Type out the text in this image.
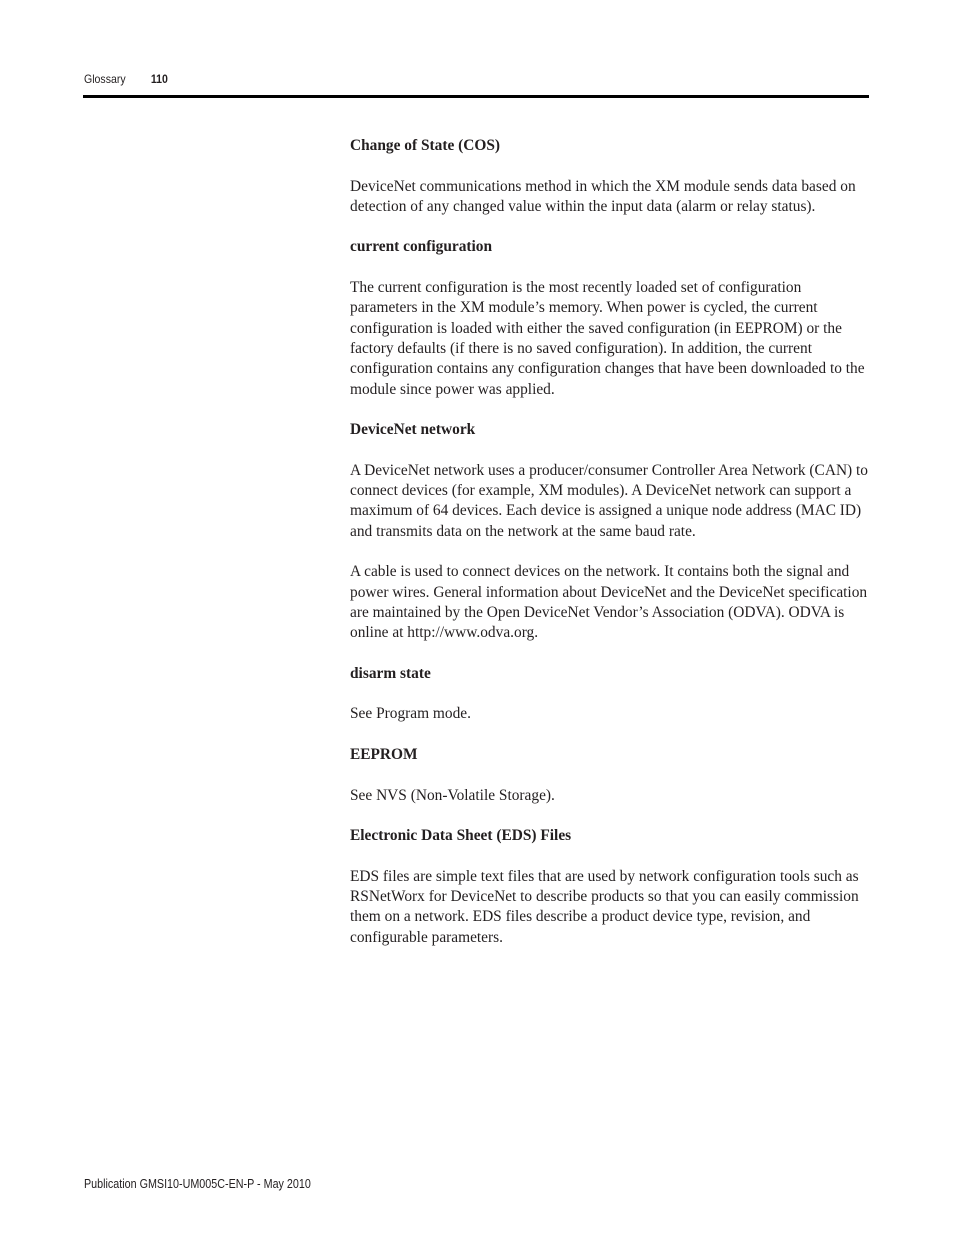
Glossary 110

Change of State (COS)

DeviceNet communications method in which the XM module sends data based on detection of any changed value within the input data (alarm or relay status).

current configuration

The current configuration is the most recently loaded set of configuration parameters in the XM module’s memory. When power is cycled, the current configuration is loaded with either the saved configuration (in EEPROM) or the factory defaults (if there is no saved configuration). In addition, the current configuration contains any configuration changes that have been downloaded to the module since power was applied.

DeviceNet network

A DeviceNet network uses a producer/consumer Controller Area Network (CAN) to connect devices (for example, XM modules). A DeviceNet network can support a maximum of 64 devices. Each device is assigned a unique node address (MAC ID) and transmits data on the network at the same baud rate.

A cable is used to connect devices on the network. It contains both the signal and power wires. General information about DeviceNet and the DeviceNet specification are maintained by the Open DeviceNet Vendor’s Association (ODVA). ODVA is online at http://www.odva.org.

disarm state

See Program mode.

EEPROM

See NVS (Non-Volatile Storage).

Electronic Data Sheet (EDS) Files

EDS files are simple text files that are used by network configuration tools such as RSNetWorx for DeviceNet to describe products so that you can easily commission them on a network. EDS files describe a product device type, revision, and configurable parameters.

Publication GMSI10-UM005C-EN-P - May 2010
